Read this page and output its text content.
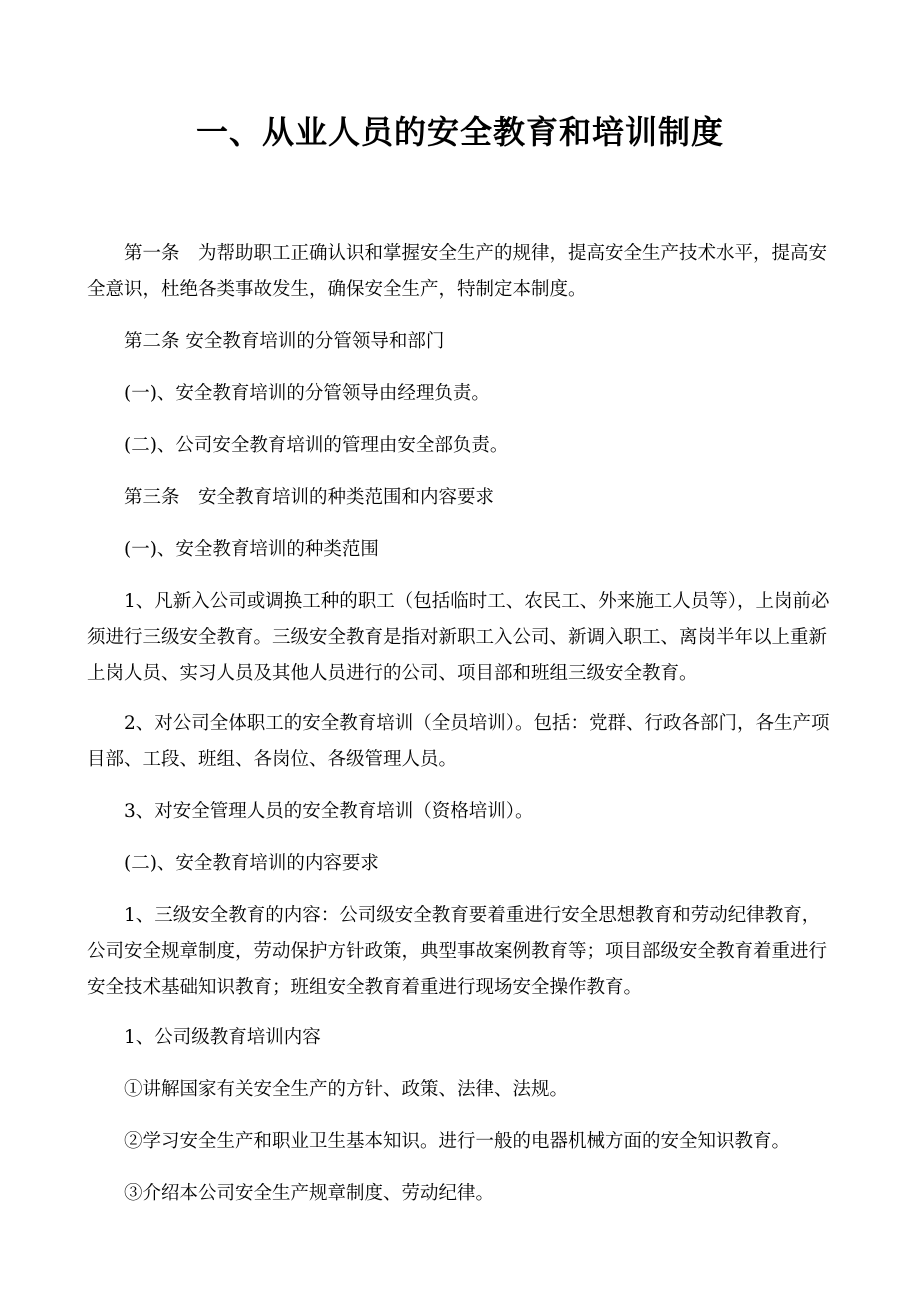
一、从业人员的安全教育和培训制度

第一条　为帮助职工正确认识和掌握安全生产的规律，提高安全生产技术水平，提高安全意识，杜绝各类事故发生，确保安全生产，特制定本制度。

第二条 安全教育培训的分管领导和部门

(一)、安全教育培训的分管领导由经理负责。

(二)、公司安全教育培训的管理由安全部负责。

第三条　安全教育培训的种类范围和内容要求

(一)、安全教育培训的种类范围

1、凡新入公司或调换工种的职工（包括临时工、农民工、外来施工人员等），上岗前必须进行三级安全教育。三级安全教育是指对新职工入公司、新调入职工、离岗半年以上重新上岗人员、实习人员及其他人员进行的公司、项目部和班组三级安全教育。

2、对公司全体职工的安全教育培训（全员培训）。包括：党群、行政各部门，各生产项目部、工段、班组、各岗位、各级管理人员。

3、对安全管理人员的安全教育培训（资格培训）。

(二)、安全教育培训的内容要求

1、三级安全教育的内容：公司级安全教育要着重进行安全思想教育和劳动纪律教育，公司安全规章制度，劳动保护方针政策，典型事故案例教育等；项目部级安全教育着重进行安全技术基础知识教育；班组安全教育着重进行现场安全操作教育。

1、公司级教育培训内容

①讲解国家有关安全生产的方针、政策、法律、法规。

②学习安全生产和职业卫生基本知识。进行一般的电器机械方面的安全知识教育。

③介绍本公司安全生产规章制度、劳动纪律。
